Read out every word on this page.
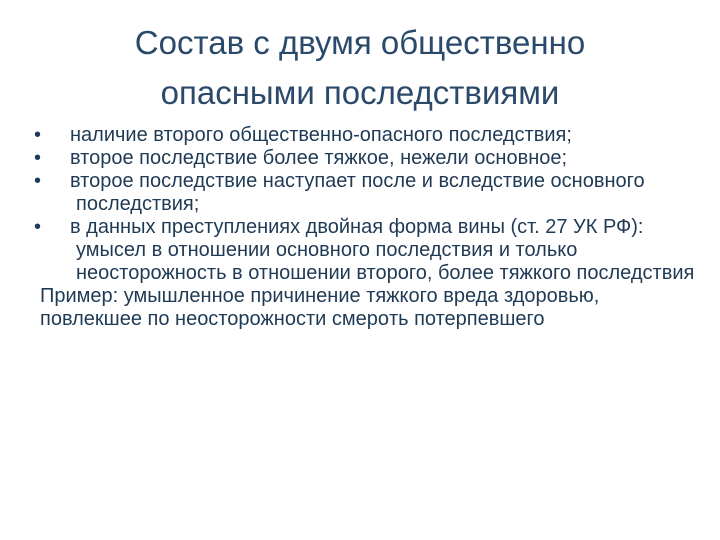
Состав с двумя общественно
опасными последствиями
•	наличие второго общественно-опасного последствия;
•	второе последствие более тяжкое, нежели основное;
•	второе последствие наступает после и вследствие основного последствия;
•	в данных преступлениях двойная форма вины (ст. 27 УК РФ): умысел в отношении основного последствия и только неосторожность в отношении второго, более тяжкого последствия

Пример: умышленное причинение тяжкого вреда здоровью, повлекшее по неосторожности смерoть потерпевшего
